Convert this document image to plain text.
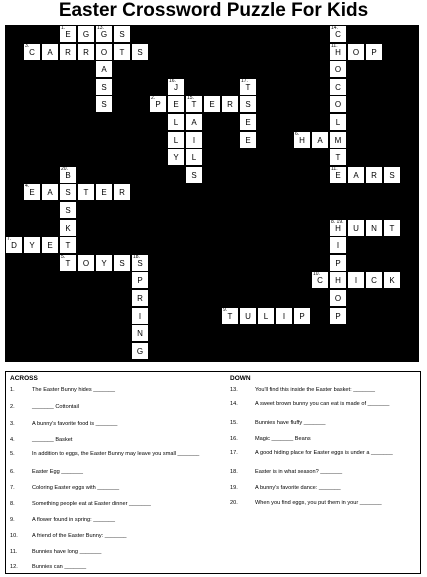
Easter Crossword Puzzle For Kids
1.
E	G
13.
G	S
14.
C
3.
C	A	R	R	O	T	S
11.
H	O	P
A	O
S
16.
J
17.
T	C
S
2.
P	E
15.
T	E	R	S	O
L	A	E	L
L	I	E
6.
H	A	M
Y	L	T
20.
B	S
11.
E	A	R	S
4.
E	A	S	T	E	R
S
K
8. 19.
H	U	N	T
7.
D	Y	E	T	I
5.
T	O	Y	S
18.
S	P
P
10.
C	H	I	C	K
R	O
I
9.
T	U	L	I	P	P
N
G
ACROSS	DOWN
1.	The Easter Bunny hides _______
2.	_______ Cottontail
3.	A bunny's favorite food is _______
4.	_______ Basket
5.	In addition to eggs, the Easter Bunny may leave you small _______
6.	Easter Egg _______
7.	Coloring Easter eggs with _______
8.	Something people eat at Easter dinner _______
9.	A flower found in spring: _______
10.	A friend of the Easter Bunny: _______
11.	Bunnies have long _______
12.	Bunnies can _______
13.	You'll find this inside the Easter basket: _______
14.	A sweet brown bunny you can eat is made of _______
15.	Bunnies have fluffy _______
16.	Magic _______ Beans
17.	A good hiding place for Easter eggs is under a _______
18.	Easter is in what season? _______
19.	A bunny's favorite dance: _______
20.	When you find eggs, you put them in your _______
